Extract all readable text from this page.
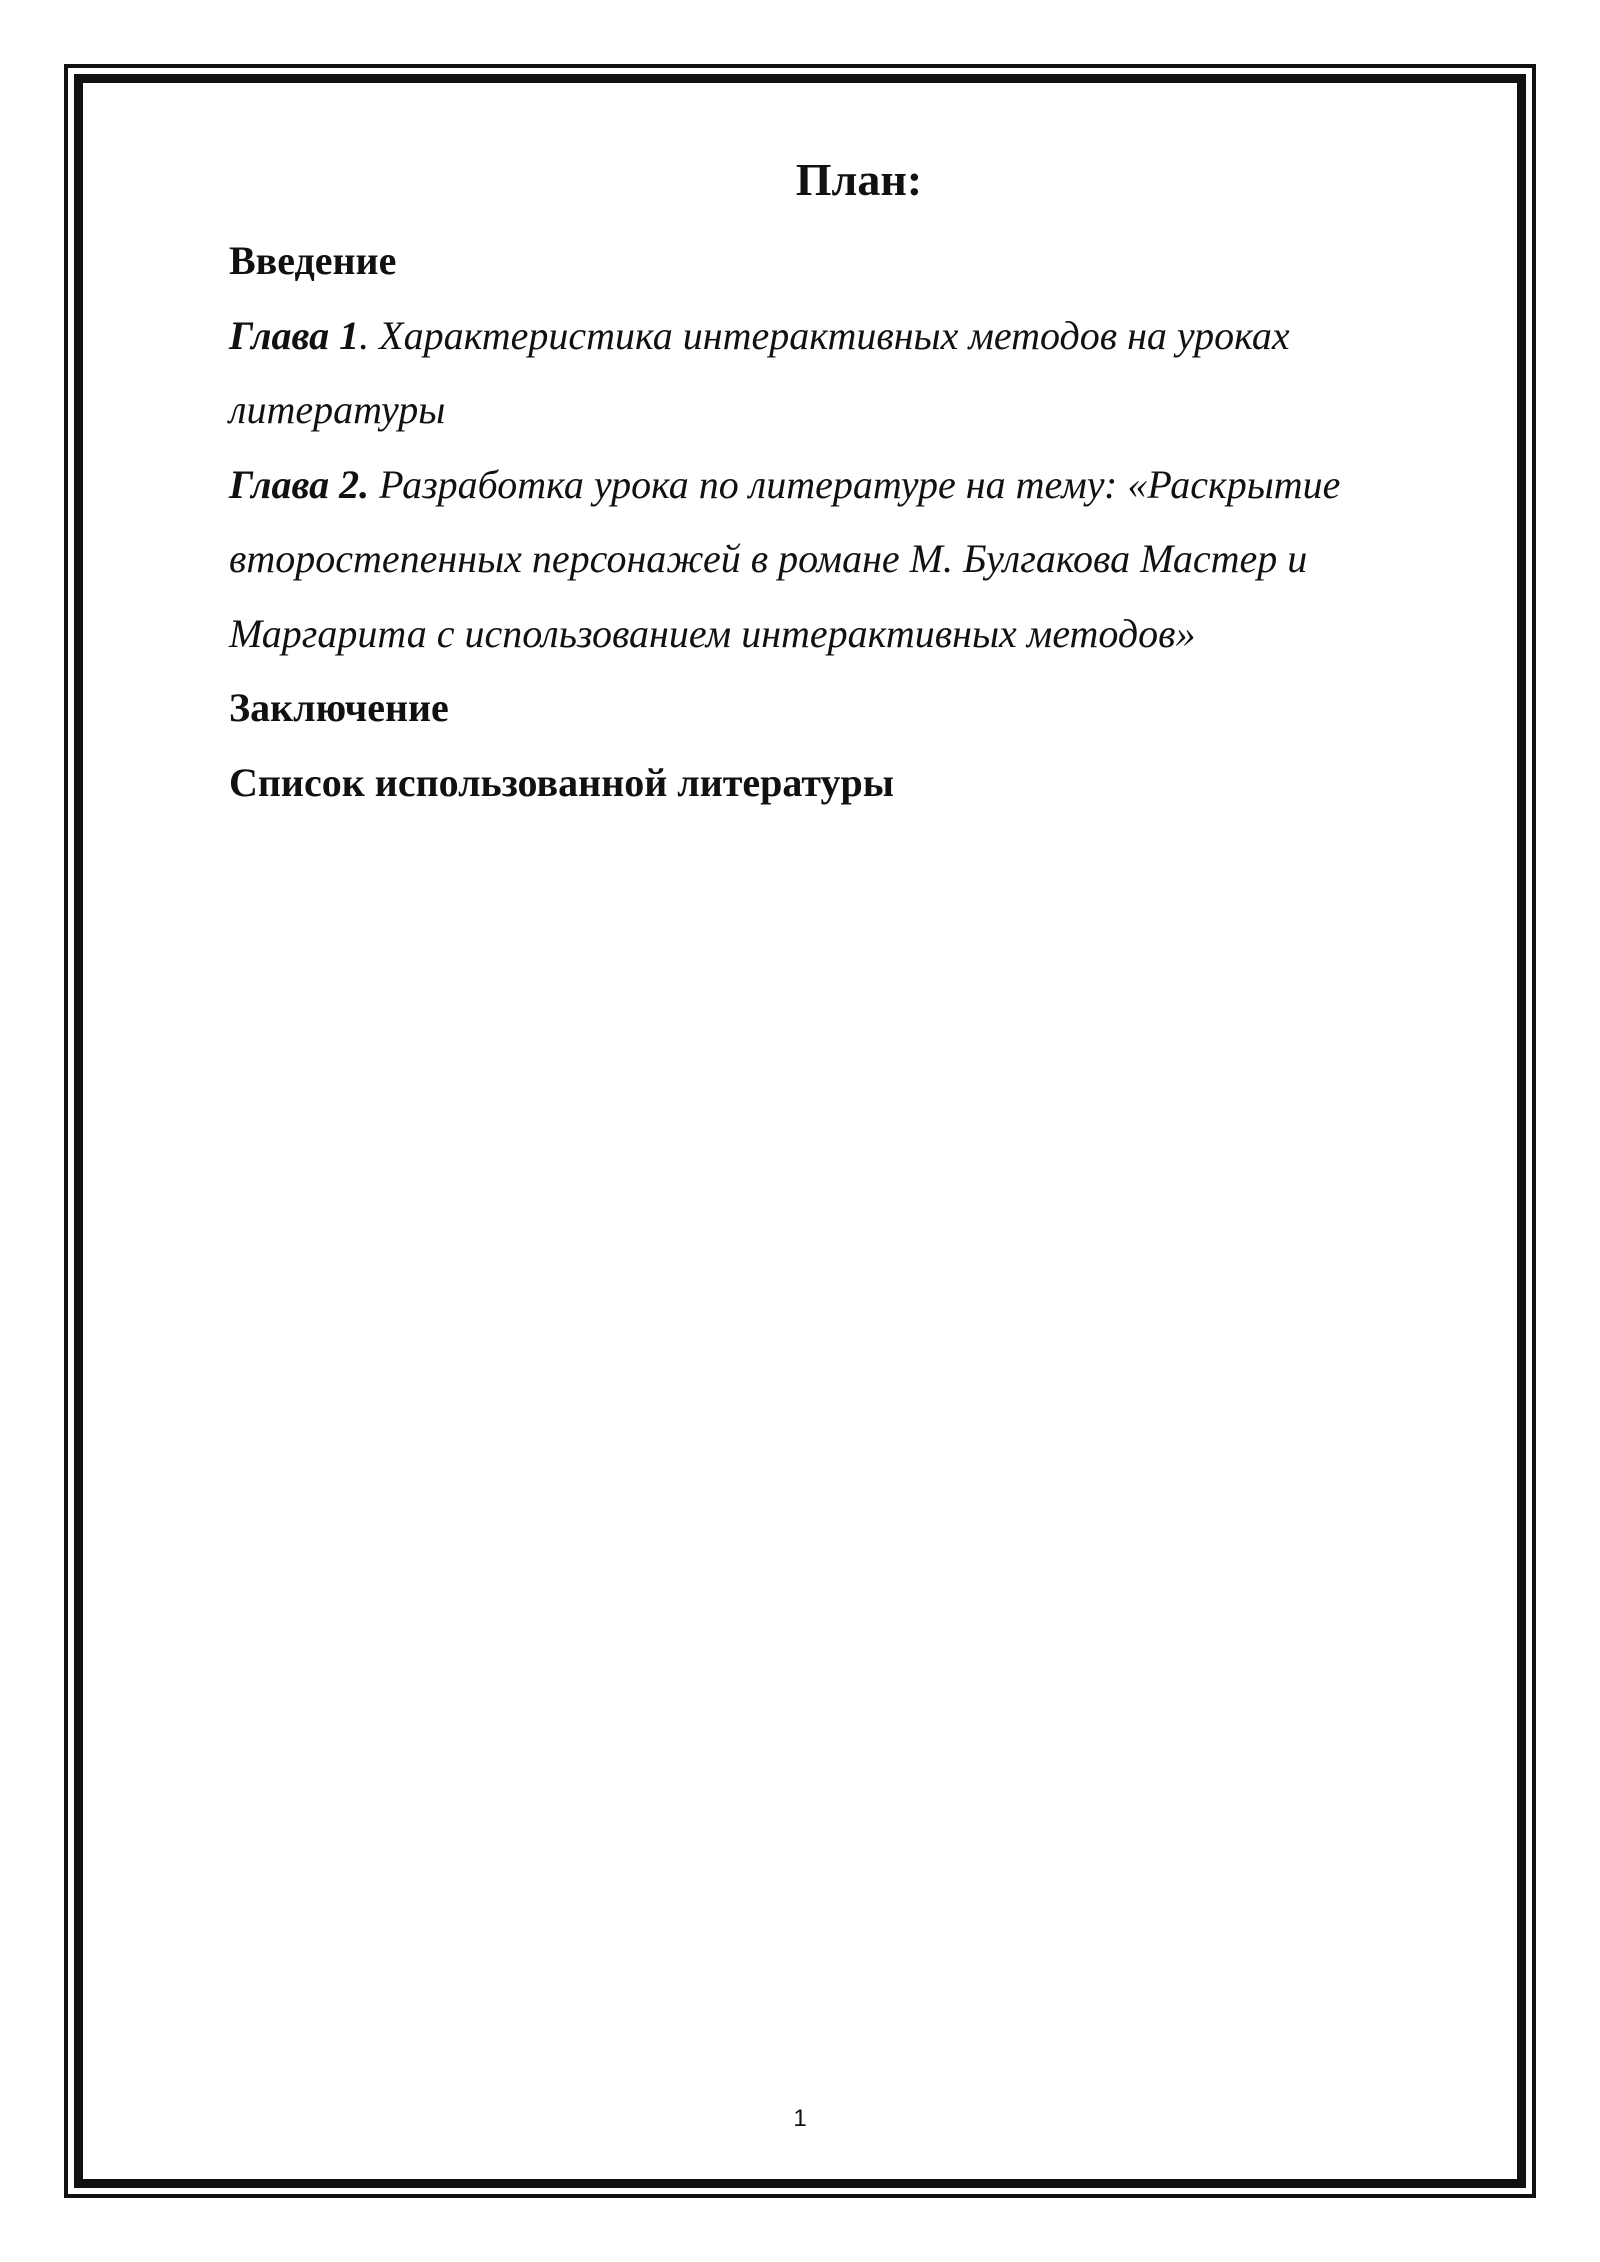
План:

Введение

Глава 1. Характеристика интерактивных методов на уроках

литературы

Глава 2. Разработка урока по литературе на тему: «Раскрытие

второстепенных персонажей в романе М. Булгакова Мастер и

Маргарита с использованием интерактивных методов»

Заключение

Список использованной литературы

1
